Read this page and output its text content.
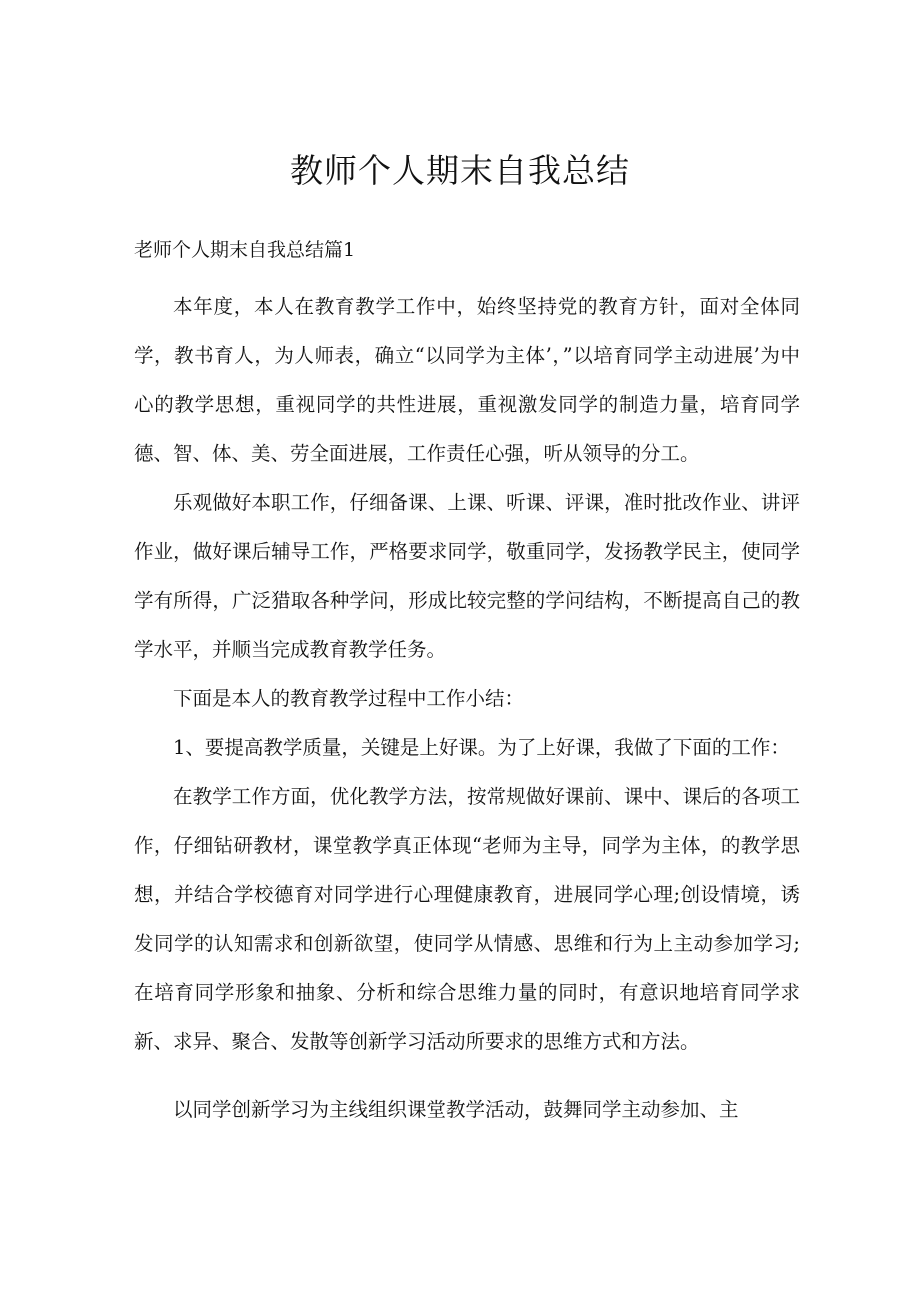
教师个人期末自我总结
老师个人期末自我总结篇1

本年度，本人在教育教学工作中，始终坚持党的教育方针，面对全体同学，教书育人，为人师表，确立“以同学为主体’，”以培育同学主动进展’为中心的教学思想，重视同学的共性进展，重视激发同学的制造力量，培育同学德、智、体、美、劳全面进展，工作责任心强，听从领导的分工。

乐观做好本职工作，仔细备课、上课、听课、评课，准时批改作业、讲评作业，做好课后辅导工作，严格要求同学，敬重同学，发扬教学民主，使同学学有所得，广泛猎取各种学问，形成比较完整的学问结构，不断提高自己的教学水平，并顺当完成教育教学任务。

下面是本人的教育教学过程中工作小结：

1、要提高教学质量，关键是上好课。为了上好课，我做了下面的工作：

在教学工作方面，优化教学方法，按常规做好课前、课中、课后的各项工作，仔细钻研教材，课堂教学真正体现“老师为主导，同学为主体，的教学思想，并结合学校德育对同学进行心理健康教育，进展同学心理;创设情境，诱发同学的认知需求和创新欲望，使同学从情感、思维和行为上主动参加学习;在培育同学形象和抽象、分析和综合思维力量的同时，有意识地培育同学求新、求异、聚合、发散等创新学习活动所要求的思维方式和方法。

以同学创新学习为主线组织课堂教学活动，鼓舞同学主动参加、主
